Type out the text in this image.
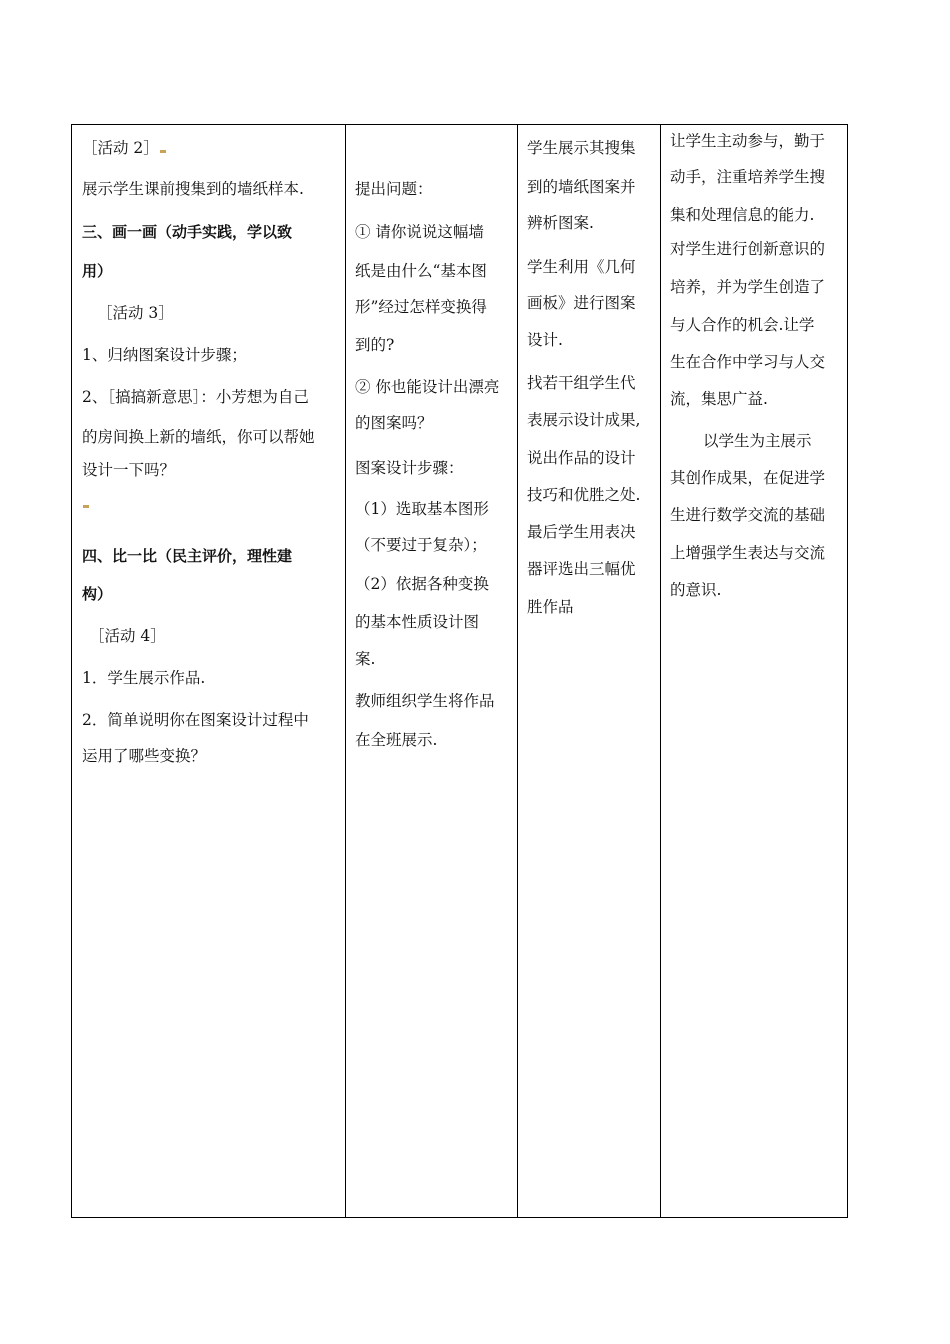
［活动 2］
展示学生课前搜集到的墙纸样本.
三、画一画（动手实践，学以致
用）
［活动 3］
1、归纳图案设计步骤；
2、［搞搞新意思］：小芳想为自己
的房间换上新的墙纸，你可以帮她
设计一下吗？
四、比一比（民主评价，理性建
构）
［活动 4］
1．学生展示作品.
2．简单说明你在图案设计过程中
运用了哪些变换？
提出问题：
① 请你说说这幅墙
纸是由什么“基本图
形”经过怎样变换得
到的?
② 你也能设计出漂亮
的图案吗？
图案设计步骤：
（1）选取基本图形
（不要过于复杂）；
（2）依据各种变换
的基本性质设计图
案.
教师组织学生将作品
在全班展示.
学生展示其搜集
到的墙纸图案并
辨析图案.
学生利用《几何
画板》进行图案
设计.
找若干组学生代
表展示设计成果,
说出作品的设计
技巧和优胜之处.
最后学生用表决
器评选出三幅优
胜作品
让学生主动参与，勤于
动手，注重培养学生搜
集和处理信息的能力.
对学生进行创新意识的
培养，并为学生创造了
与人合作的机会.让学
生在合作中学习与人交
流，集思广益.
以学生为主展示
其创作成果，在促进学
生进行数学交流的基础
上增强学生表达与交流
的意识.
